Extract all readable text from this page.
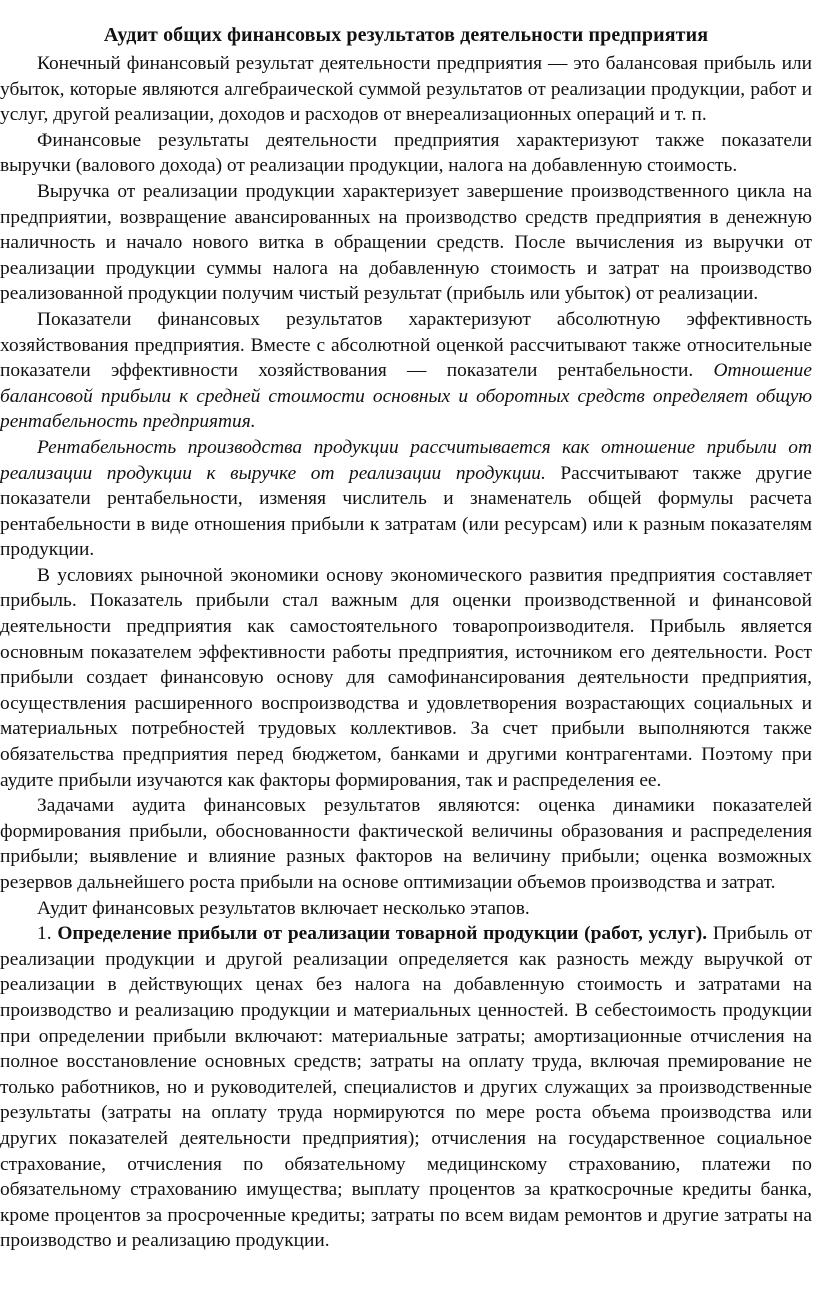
Аудит общих финансовых результатов деятельности предприятия

Конечный финансовый результат деятельности предприятия — это балансовая прибыль или убыток, которые являются алгебраической суммой результатов от реализации продукции, работ и услуг, другой реализации, доходов и расходов от внереализационных операций и т. п.

Финансовые результаты деятельности предприятия характеризуют также показатели выручки (валового дохода) от реализации продукции, налога на добавленную стоимость.

Выручка от реализации продукции характеризует завершение производственного цикла на предприятии, возвращение авансированных на производство средств предприятия в денежную наличность и начало нового витка в обращении средств. После вычисления из выручки от реализации продукции суммы налога на добавленную стоимость и затрат на производство реализованной продукции получим чистый результат (прибыль или убыток) от реализации.

Показатели финансовых результатов характеризуют абсолютную эффективность хозяйствования предприятия. Вместе с абсолютной оценкой рассчитывают также относительные показатели эффективности хозяйствования — показатели рентабельности. Отношение балансовой прибыли к средней стоимости основных и оборотных средств определяет общую рентабельность предприятия.

Рентабельность производства продукции рассчитывается как отношение прибыли от реализации продукции к выручке от реализации продукции. Рассчитывают также другие показатели рентабельности, изменяя числитель и знаменатель общей формулы расчета рентабельности в виде отношения прибыли к затратам (или ресурсам) или к разным показателям продукции.

В условиях рыночной экономики основу экономического развития предприятия составляет прибыль. Показатель прибыли стал важным для оценки производственной и финансовой деятельности предприятия как самостоятельного товаропроизводителя. Прибыль является основным показателем эффективности работы предприятия, источником его деятельности. Рост прибыли создает финансовую основу для самофинансирования деятельности предприятия, осуществления расширенного воспроизводства и удовлетворения возрастающих социальных и материальных потребностей трудовых коллективов. За счет прибыли выполняются также обязательства предприятия перед бюджетом, банками и другими контрагентами. Поэтому при аудите прибыли изучаются как факторы формирования, так и распределения ее.

Задачами аудита финансовых результатов являются: оценка динамики показателей формирования прибыли, обоснованности фактической величины образования и распределения прибыли; выявление и влияние разных факторов на величину прибыли; оценка возможных резервов дальнейшего роста прибыли на основе оптимизации объемов производства и затрат.

Аудит финансовых результатов включает несколько этапов.

1. Определение прибыли от реализации товарной продукции (работ, услуг). Прибыль от реализации продукции и другой реализации определяется как разность между выручкой от реализации в действующих ценах без налога на добавленную стоимость и затратами на производство и реализацию продукции и материальных ценностей. В себестоимость продукции при определении прибыли включают: материальные затраты; амортизационные отчисления на полное восстановление основных средств; затраты на оплату труда, включая премирование не только работников, но и руководителей, специалистов и других служащих за производственные результаты (затраты на оплату труда нормируются по мере роста объема производства или других показателей деятельности предприятия); отчисления на государственное социальное страхование, отчисления по обязательному медицинскому страхованию, платежи по обязательному страхованию имущества; выплату процентов за краткосрочные кредиты банка, кроме процентов за просроченные кредиты; затраты по всем видам ремонтов и другие затраты на производство и реализацию продукции.
